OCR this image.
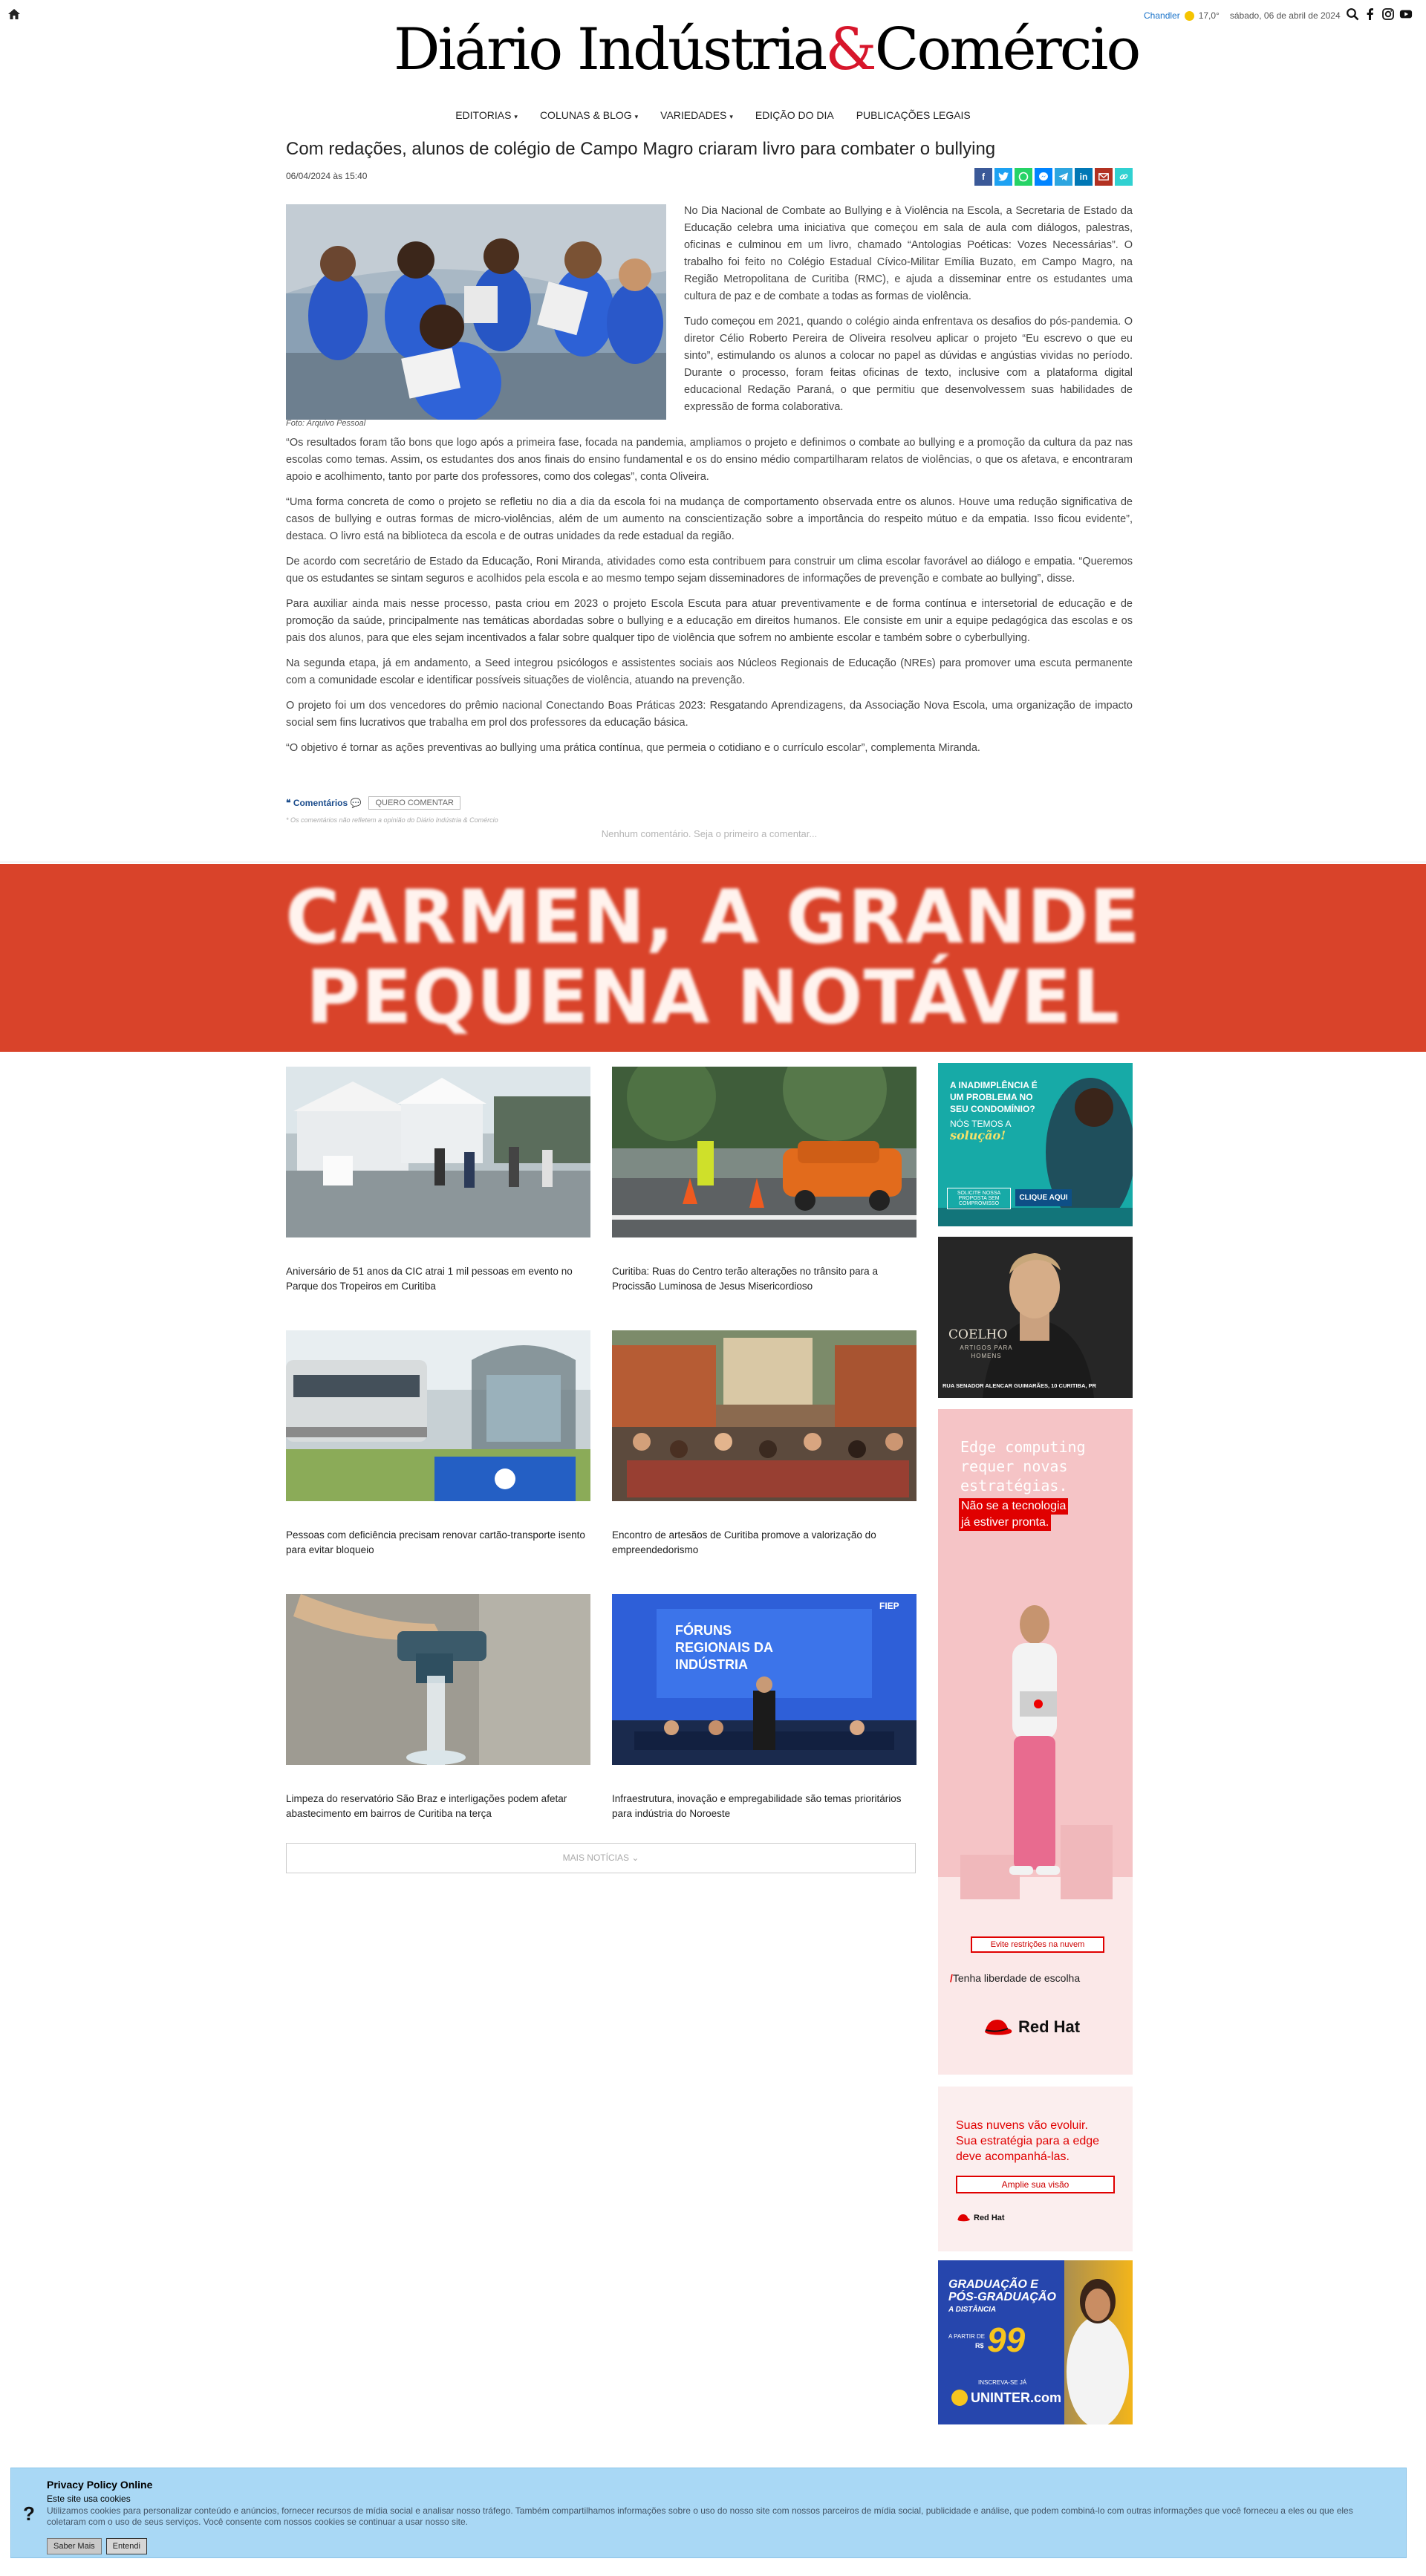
Diário Indústria&Comércio
Chandler 17,0° sábado, 06 de abril de 2024
EDITORIAS ▾ COLUNAS & BLOG ▾ VARIEDADES ▾ EDIÇÃO DO DIA PUBLICAÇÕES LEGAIS
Com redações, alunos de colégio de Campo Magro criaram livro para combater o bullying
06/04/2024 às 15:40	f	in
Foto: Arquivo Pessoal

No Dia Nacional de Combate ao Bullying e à Violência na Escola, a Secretaria de Estado da Educação celebra uma iniciativa que começou em sala de aula com diálogos, palestras, oficinas e culminou em um livro, chamado “Antologias Poéticas: Vozes Necessárias”. O trabalho foi feito no Colégio Estadual Cívico-Militar Emília Buzato, em Campo Magro, na Região Metropolitana de Curitiba (RMC), e ajuda a disseminar entre os estudantes uma cultura de paz e de combate a todas as formas de violência.

Tudo começou em 2021, quando o colégio ainda enfrentava os desafios do pós-pandemia. O diretor Célio Roberto Pereira de Oliveira resolveu aplicar o projeto “Eu escrevo o que eu sinto”, estimulando os alunos a colocar no papel as dúvidas e angústias vividas no período. Durante o processo, foram feitas oficinas de texto, inclusive com a plataforma digital educacional Redação Paraná, o que permitiu que desenvolvessem suas habilidades de expressão de forma colaborativa.

“Os resultados foram tão bons que logo após a primeira fase, focada na pandemia, ampliamos o projeto e definimos o combate ao bullying e a promoção da cultura da paz nas escolas como temas. Assim, os estudantes dos anos finais do ensino fundamental e os do ensino médio compartilharam relatos de violências, o que os afetava, e encontraram apoio e acolhimento, tanto por parte dos professores, como dos colegas”, conta Oliveira.

“Uma forma concreta de como o projeto se refletiu no dia a dia da escola foi na mudança de comportamento observada entre os alunos. Houve uma redução significativa de casos de bullying e outras formas de micro-violências, além de um aumento na conscientização sobre a importância do respeito mútuo e da empatia. Isso ficou evidente”, destaca. O livro está na biblioteca da escola e de outras unidades da rede estadual da região.

De acordo com secretário de Estado da Educação, Roni Miranda, atividades como esta contribuem para construir um clima escolar favorável ao diálogo e empatia. “Queremos que os estudantes se sintam seguros e acolhidos pela escola e ao mesmo tempo sejam disseminadores de informações de prevenção e combate ao bullying”, disse.

Para auxiliar ainda mais nesse processo, pasta criou em 2023 o projeto Escola Escuta para atuar preventivamente e de forma contínua e intersetorial de educação e de promoção da saúde, principalmente nas temáticas abordadas sobre o bullying e a educação em direitos humanos. Ele consiste em unir a equipe pedagógica das escolas e os pais dos alunos, para que eles sejam incentivados a falar sobre qualquer tipo de violência que sofrem no ambiente escolar e também sobre o cyberbullying.

Na segunda etapa, já em andamento, a Seed integrou psicólogos e assistentes sociais aos Núcleos Regionais de Educação (NREs) para promover uma escuta permanente com a comunidade escolar e identificar possíveis situações de violência, atuando na prevenção.

O projeto foi um dos vencedores do prêmio nacional Conectando Boas Práticas 2023: Resgatando Aprendizagens, da Associação Nova Escola, uma organização de impacto social sem fins lucrativos que trabalha em prol dos professores da educação básica.

“O objetivo é tornar as ações preventivas ao bullying uma prática contínua, que permeia o cotidiano e o currículo escolar”, complementa Miranda.

❝ Comentários 💬	QUERO COMENTAR
* Os comentários não refletem a opinião do Diário Indústria & Comércio
Nenhum comentário. Seja o primeiro a comentar...
CARMEN, A GRANDE
PEQUENA NOTÁVEL
Aniversário de 51 anos da CIC atrai 1 mil pessoas em evento no Parque dos Tropeiros em Curitiba
Curitiba: Ruas do Centro terão alterações no trânsito para a Procissão Luminosa de Jesus Misericordioso
Pessoas com deficiência precisam renovar cartão-transporte isento para evitar bloqueio
Encontro de artesãos de Curitiba promove a valorização do empreendedorismo
Limpeza do reservatório São Braz e interligações podem afetar abastecimento em bairros de Curitiba na terça
FÓRUNS
REGIONAIS DA
INDÚSTRIA
FIEP
Infraestrutura, inovação e empregabilidade são temas prioritários para indústria do Noroeste
MAIS NOTÍCIAS ⌄
A INADIMPLÊNCIA É
UM PROBLEMA NO
SEU CONDOMÍNIO?
NÓS TEMOS A
solução!
SOLICITE NOSSA PROPOSTA SEM COMPROMISSO
CLIQUE AQUI
COELHO
ARTIGOS PARA HOMENS
RUA SENADOR ALENCAR GUIMARÃES, 10 CURITIBA, PR
Edge computing
requer novas
estratégias.
Não se a tecnologia
já estiver pronta.
Evite restrições na nuvem
/Tenha liberdade de escolha
Red Hat
Suas nuvens vão evoluir.
Sua estratégia para a edge
deve acompanhá-las.
Amplie sua visão
Red Hat
GRADUAÇÃO E
PÓS-GRADUAÇÃO
A DISTÂNCIA
A PARTIR DE
R$ 99
INSCREVA-SE JÁ
UNINTER.com
?
Privacy Policy Online
Este site usa cookies
Utilizamos cookies para personalizar conteúdo e anúncios, fornecer recursos de mídia social e analisar nosso tráfego. Também compartilhamos informações sobre o uso do nosso site com nossos parceiros de mídia social, publicidade e análise, que podem combiná-lo com outras informações que você forneceu a eles ou que eles coletaram com o uso de seus serviços. Você consente com nossos cookies se continuar a usar nosso site.
Saber Mais	Entendi
